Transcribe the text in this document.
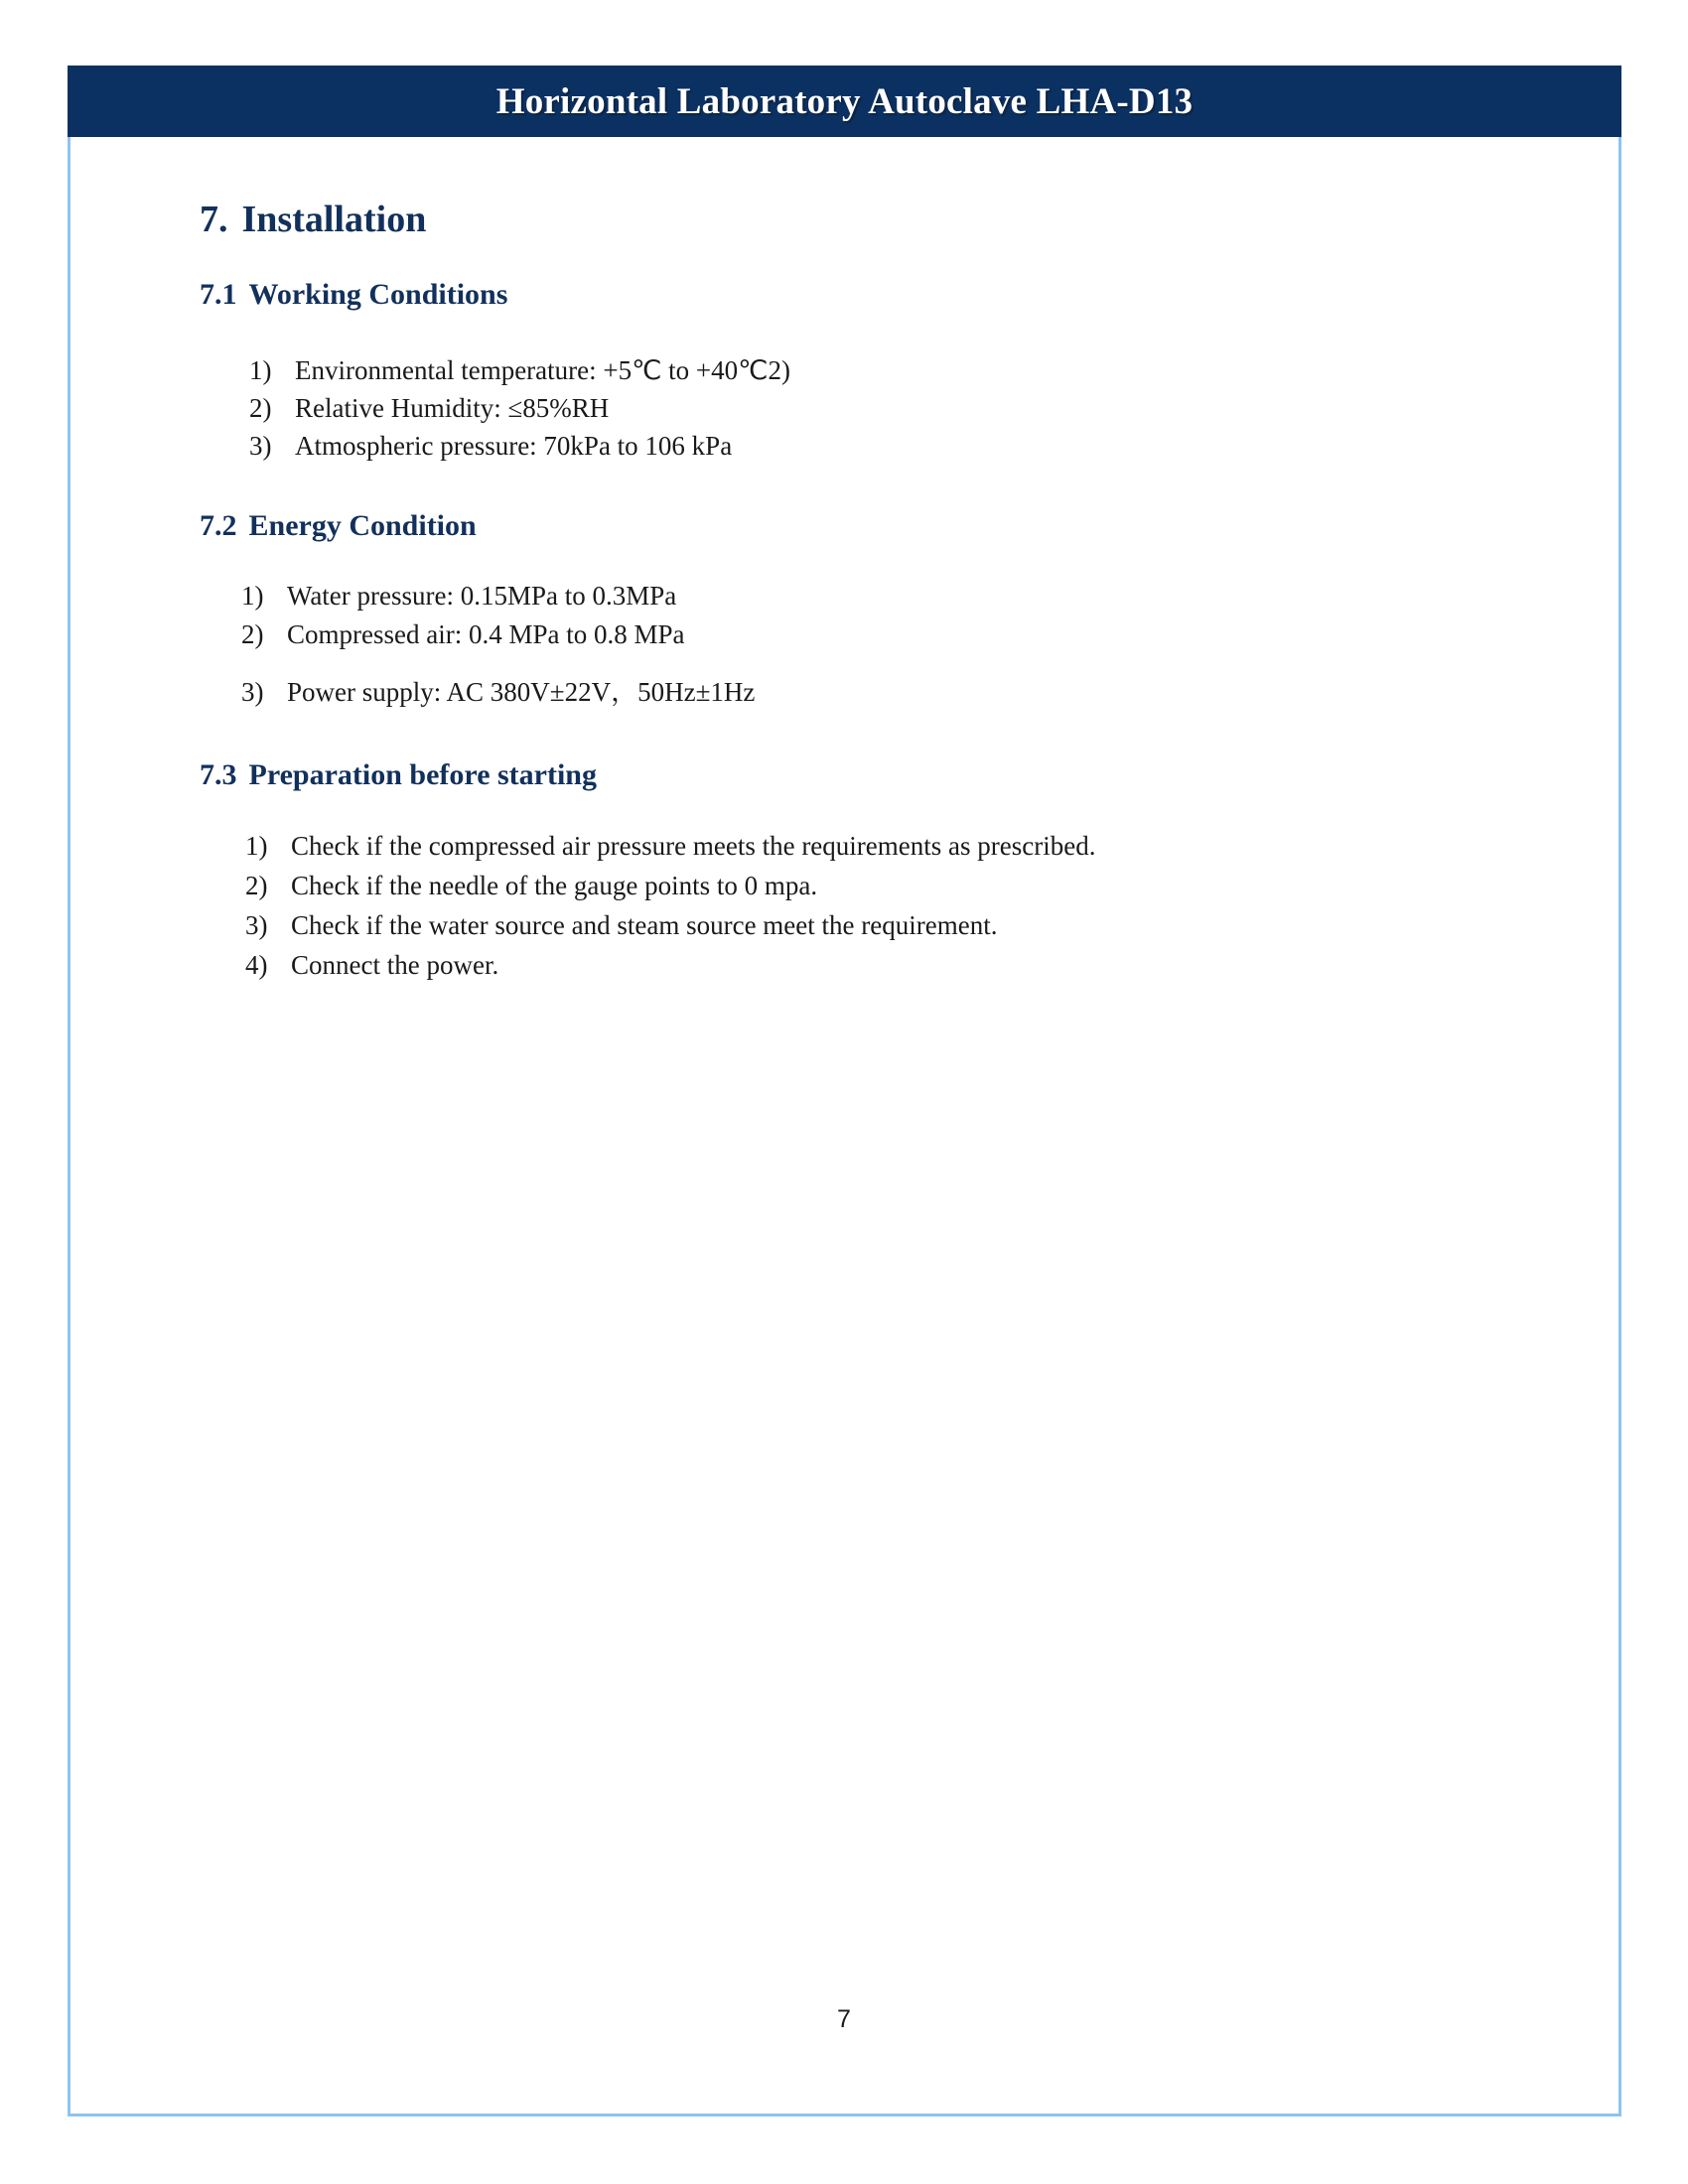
Horizontal Laboratory Autoclave LHA-D13
7. Installation
7.1 Working Conditions
1) Environmental temperature: +5℃ to +40℃2)
2) Relative Humidity: ≤85%RH
3) Atmospheric pressure: 70kPa to 106 kPa
7.2 Energy Condition
1) Water pressure: 0.15MPa to 0.3MPa
2) Compressed air: 0.4 MPa to 0.8 MPa
3) Power supply: AC 380V±22V，50Hz±1Hz
7.3 Preparation before starting
1) Check if the compressed air pressure meets the requirements as prescribed.
2) Check if the needle of the gauge points to 0 mpa.
3) Check if the water source and steam source meet the requirement.
4) Connect the power.
7
